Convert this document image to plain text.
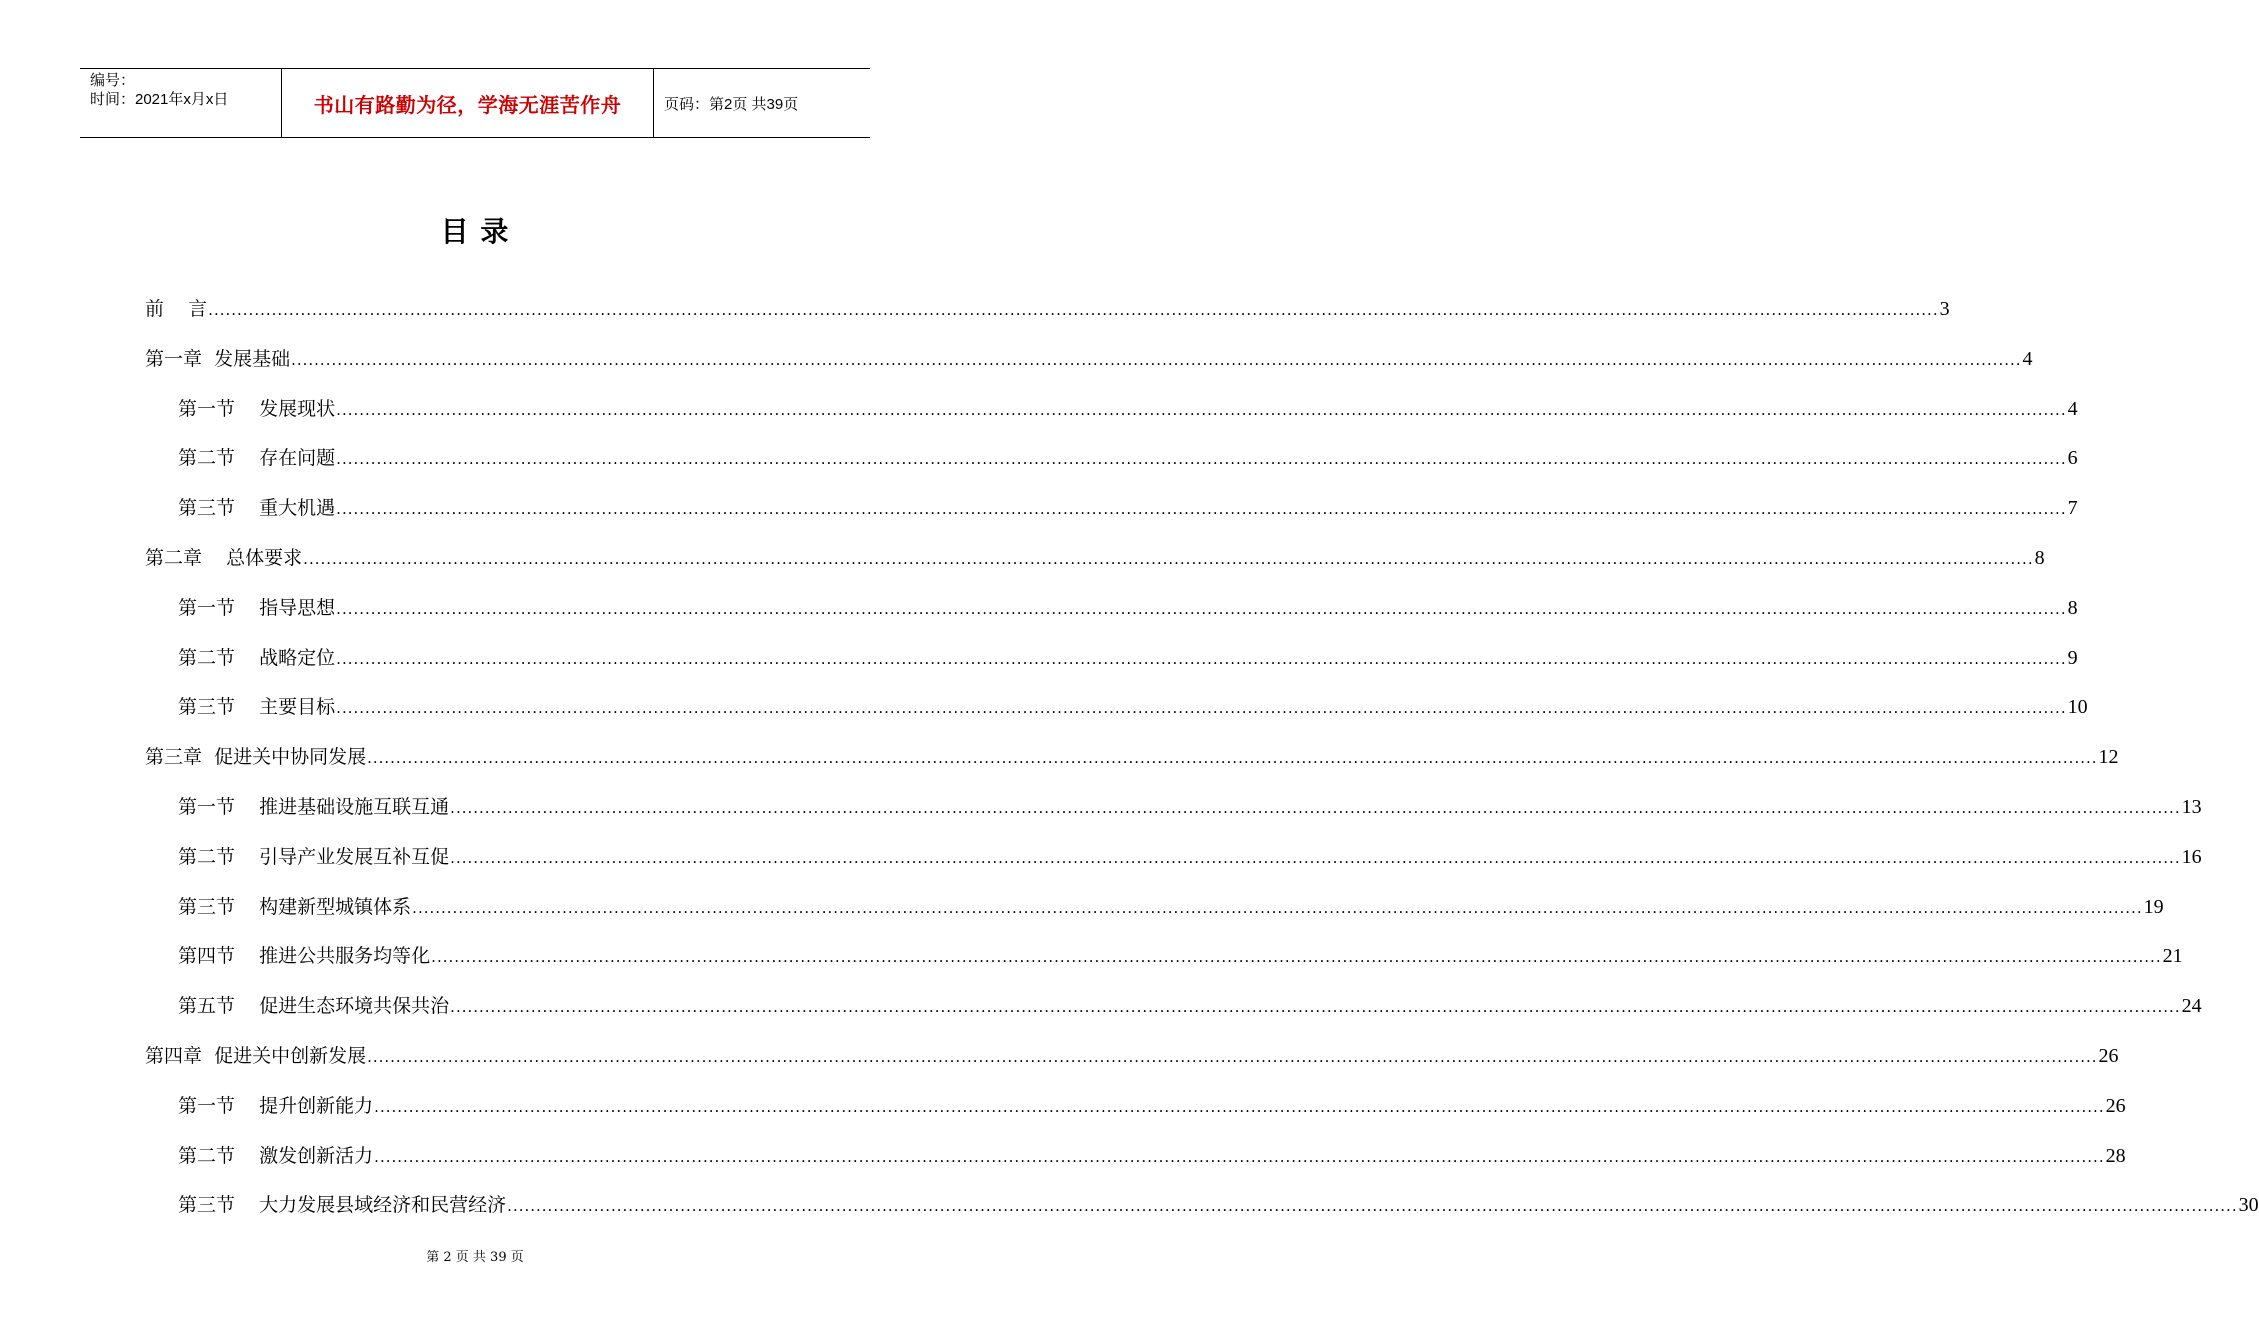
编号：
时间：2021年x月x日	书山有路勤为径，学海无涯苦作舟	页码：第2页 共39页
目 录
前    言 ............................................................................................................................................................................................................................................................................................................ 3
第一章  发展基础 ............................................................................................................................................................................................................................................................................................................ 4
第一节    发展现状 ............................................................................................................................................................................................................................................................................................................ 4
第二节    存在问题 ............................................................................................................................................................................................................................................................................................................ 6
第三节    重大机遇 ............................................................................................................................................................................................................................................................................................................ 7
第二章    总体要求 ............................................................................................................................................................................................................................................................................................................ 8
第一节    指导思想 ............................................................................................................................................................................................................................................................................................................ 8
第二节    战略定位 ............................................................................................................................................................................................................................................................................................................ 9
第三节    主要目标 ............................................................................................................................................................................................................................................................................................................ 10
第三章  促进关中协同发展 ............................................................................................................................................................................................................................................................................................................ 12
第一节    推进基础设施互联互通 ............................................................................................................................................................................................................................................................................................................ 13
第二节    引导产业发展互补互促 ............................................................................................................................................................................................................................................................................................................ 16
第三节    构建新型城镇体系 ............................................................................................................................................................................................................................................................................................................ 19
第四节    推进公共服务均等化 ............................................................................................................................................................................................................................................................................................................ 21
第五节    促进生态环境共保共治 ............................................................................................................................................................................................................................................................................................................ 24
第四章  促进关中创新发展 ............................................................................................................................................................................................................................................................................................................ 26
第一节    提升创新能力 ............................................................................................................................................................................................................................................................................................................ 26
第二节    激发创新活力 ............................................................................................................................................................................................................................................................................................................ 28
第三节    大力发展县域经济和民营经济 ............................................................................................................................................................................................................................................................................................................ 30
第 2 页 共 39 页
